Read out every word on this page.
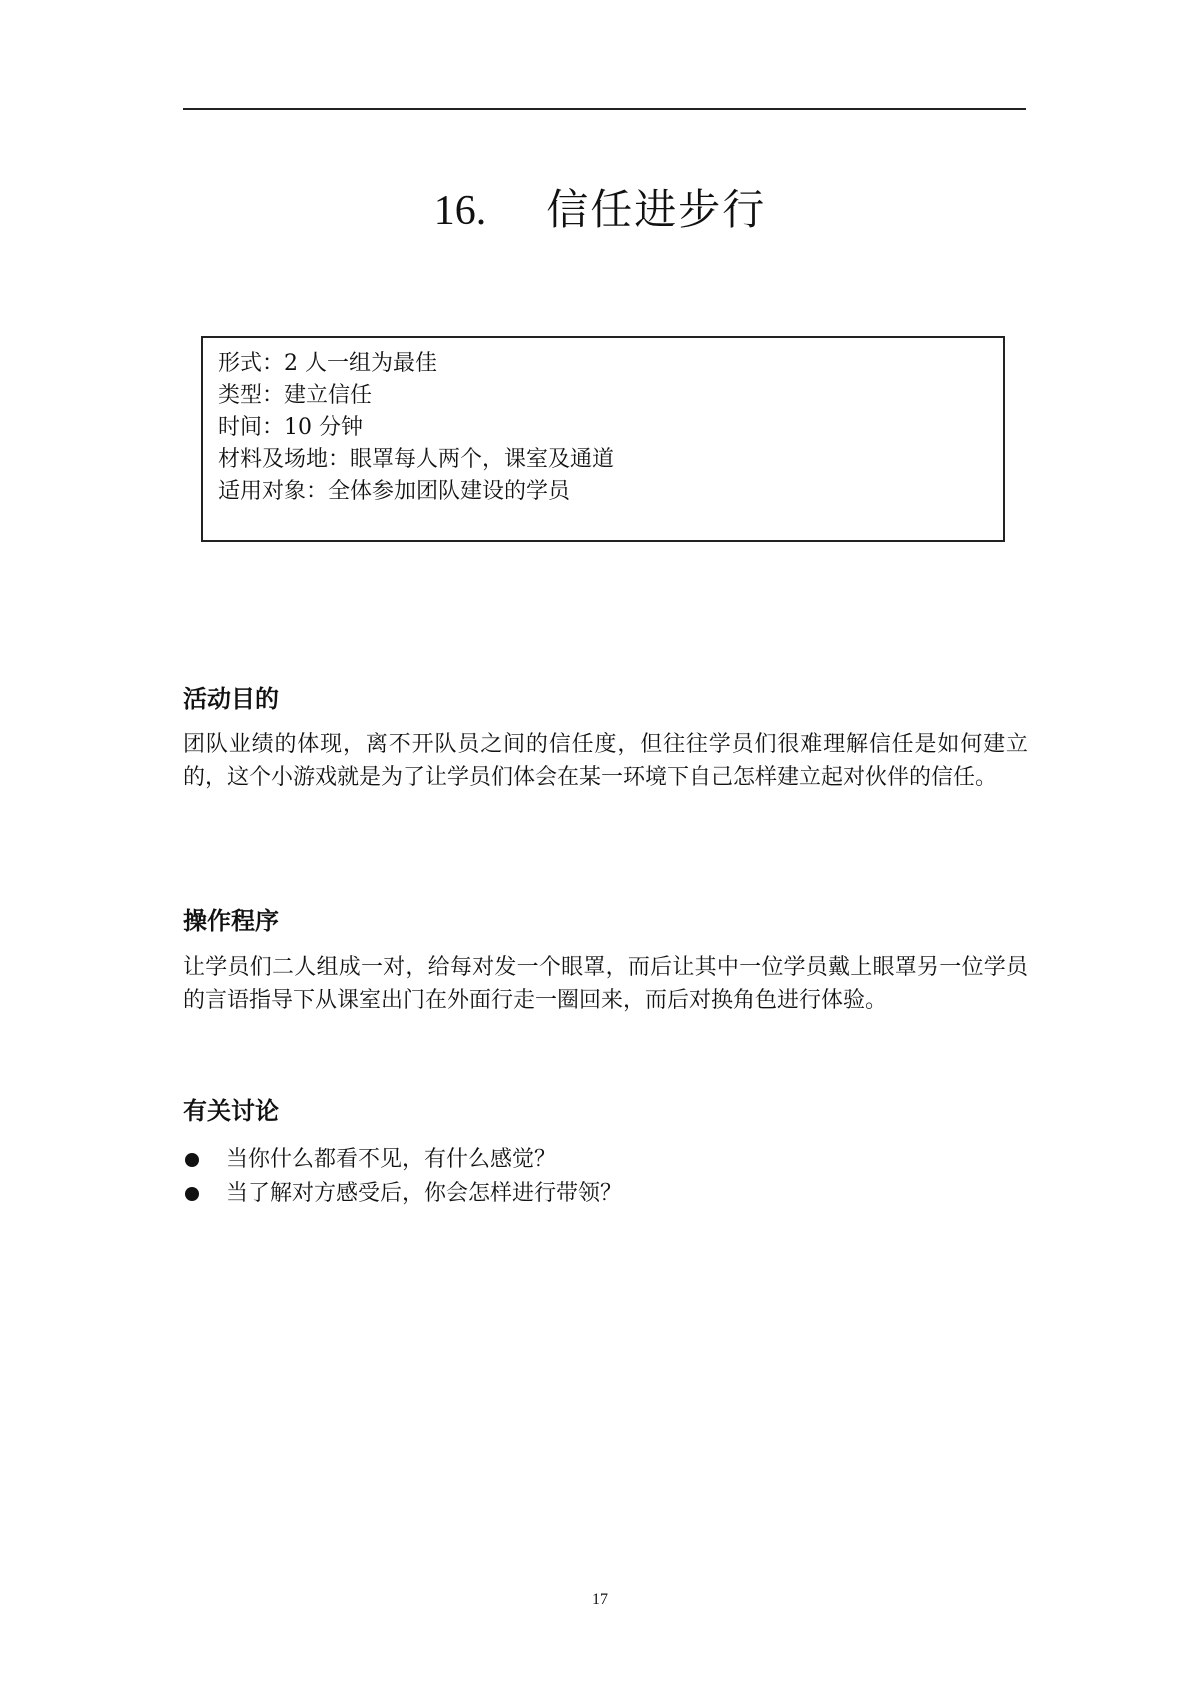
16. 信任进步行
形式：2 人一组为最佳
类型：建立信任
时间：10 分钟
材料及场地：眼罩每人两个，课室及通道
适用对象：全体参加团队建设的学员
活动目的
团队业绩的体现，离不开队员之间的信任度，但往往学员们很难理解信任是如何建立的，这个小游戏就是为了让学员们体会在某一环境下自己怎样建立起对伙伴的信任。
操作程序
让学员们二人组成一对，给每对发一个眼罩，而后让其中一位学员戴上眼罩另一位学员的言语指导下从课室出门在外面行走一圈回来，而后对换角色进行体验。
有关讨论
当你什么都看不见，有什么感觉？
当了解对方感受后，你会怎样进行带领？
17
